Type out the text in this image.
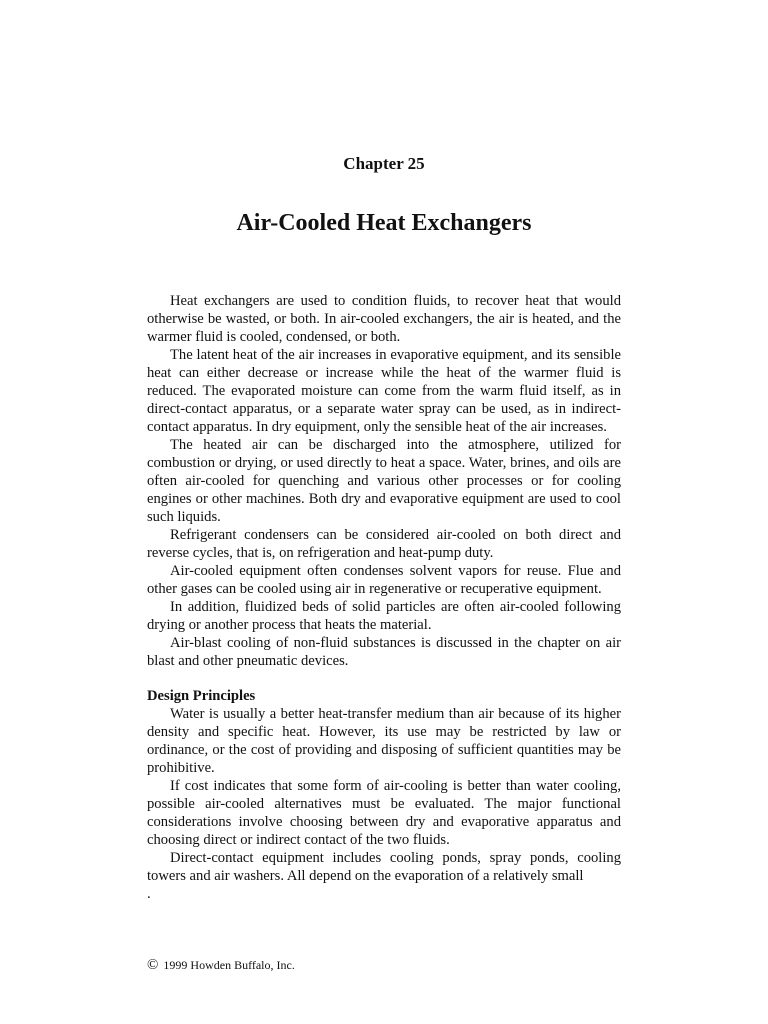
Chapter 25
Air-Cooled Heat Exchangers

Heat exchangers are used to condition fluids, to recover heat that would otherwise be wasted, or both. In air-cooled exchangers, the air is heated, and the warmer fluid is cooled, condensed, or both.

The latent heat of the air increases in evaporative equipment, and its sensible heat can either decrease or increase while the heat of the warmer fluid is reduced. The evaporated moisture can come from the warm fluid itself, as in direct-contact apparatus, or a separate water spray can be used, as in indirect-contact apparatus. In dry equipment, only the sensible heat of the air increases.

The heated air can be discharged into the atmosphere, utilized for combustion or drying, or used directly to heat a space. Water, brines, and oils are often air-cooled for quenching and various other processes or for cooling engines or other machines. Both dry and evaporative equipment are used to cool such liquids.

Refrigerant condensers can be considered air-cooled on both direct and reverse cycles, that is, on refrigeration and heat-pump duty.

Air-cooled equipment often condenses solvent vapors for reuse. Flue and other gases can be cooled using air in regenerative or recuperative equipment.

In addition, fluidized beds of solid particles are often air-cooled following drying or another process that heats the material.

Air-blast cooling of non-fluid substances is discussed in the chapter on air blast and other pneumatic devices.

Design Principles

Water is usually a better heat-transfer medium than air because of its higher density and specific heat. However, its use may be restricted by law or ordinance, or the cost of providing and disposing of sufficient quantities may be prohibitive.

If cost indicates that some form of air-cooling is better than water cooling, possible air-cooled alternatives must be evaluated. The major functional considerations involve choosing between dry and evaporative apparatus and choosing direct or indirect contact of the two fluids.

Direct-contact equipment includes cooling ponds, spray ponds, cooling towers and air washers. All depend on the evaporation of a relatively small

.
© 1999 Howden Buffalo, Inc.
